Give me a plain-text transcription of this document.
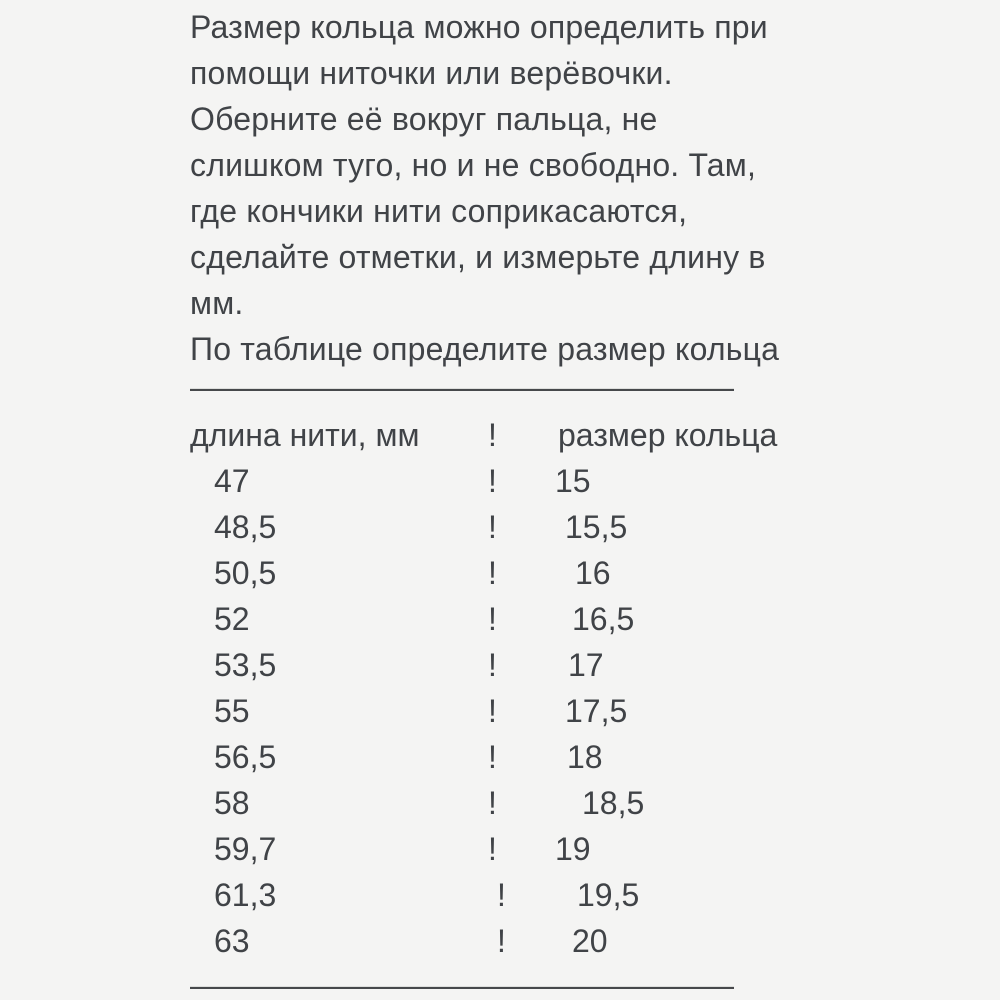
Размер кольца можно определить при
помощи ниточки или верёвочки.
Оберните её вокруг пальца, не
слишком туго, но и не свободно. Там,
где кончики нити соприкасаются,
сделайте отметки, и измерьте длину в
мм.
По таблице определите размер кольца
—————————————————
длина нити, мм	!	размер кольца
47	!	15
48,5	!	15,5
50,5	!	16
52	!	16,5
53,5	!	17
55	!	17,5
56,5	!	18
58	!	18,5
59,7	!	19
61,3	!	19,5
63	!	20
—————————————————
